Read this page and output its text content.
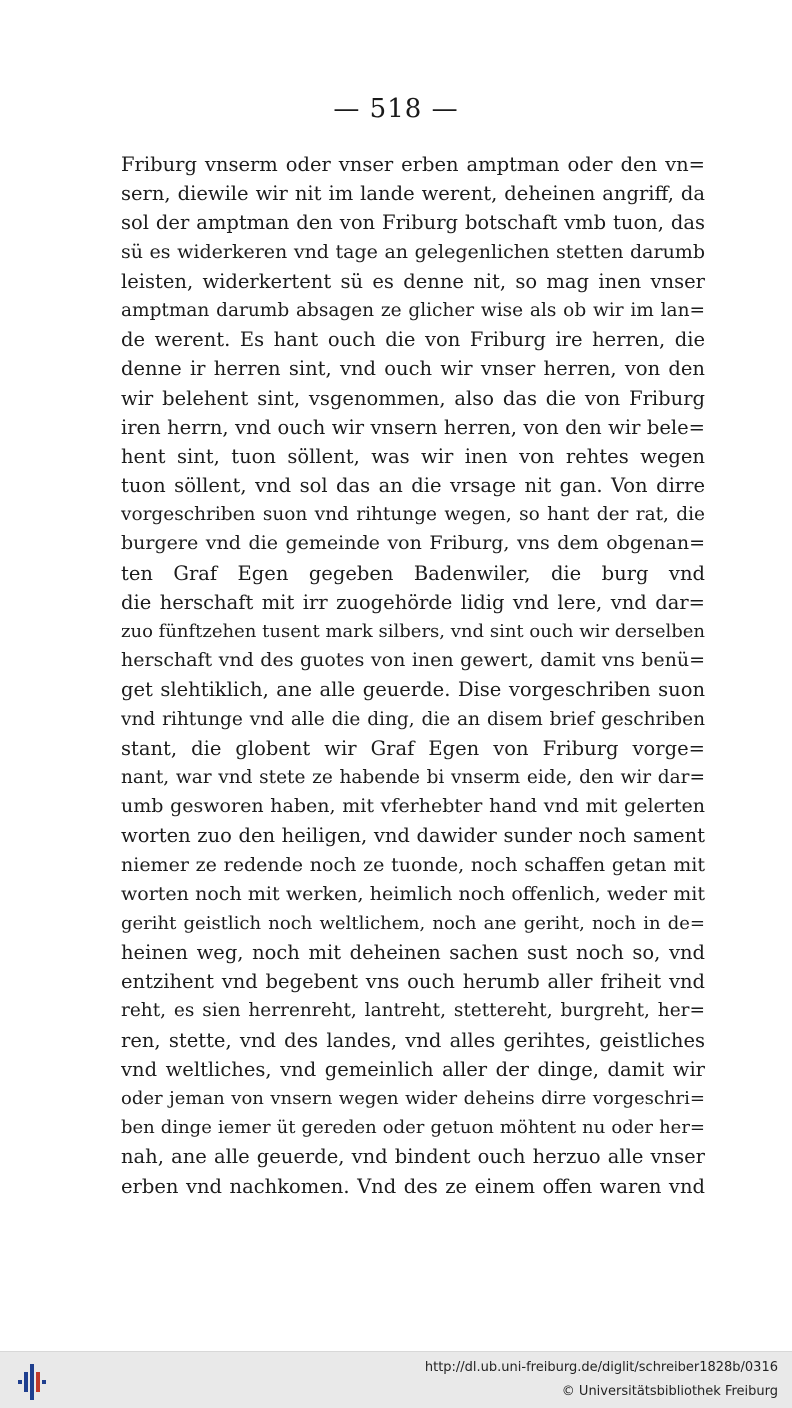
— 518 —
Friburg vnserm oder vnser erben amptman oder den vn=
sern, diewile wir nit im lande werent, deheinen angriff, da
sol der amptman den von Friburg botschaft vmb tuon, das
sü es widerkeren vnd tage an gelegenlichen stetten darumb
leisten, widerkertent sü es denne nit, so mag inen vnser
amptman darumb absagen ze glicher wise als ob wir im lan=
de werent. Es hant ouch die von Friburg ire herren, die
denne ir herren sint, vnd ouch wir vnser herren, von den
wir belehent sint, vsgenommen, also das die von Friburg
iren herrn, vnd ouch wir vnsern herren, von den wir bele=
hent sint, tuon söllent, was wir inen von rehtes wegen
tuon söllent, vnd sol das an die vrsage nit gan. Von dirre
vorgeschriben suon vnd rihtunge wegen, so hant der rat, die
burgere vnd die gemeinde von Friburg, vns dem obgenan=
ten Graf Egen gegeben Badenwiler, die burg vnd
die herschaft mit irr zuogehörde lidig vnd lere, vnd dar=
zuo fünftzehen tusent mark silbers, vnd sint ouch wir derselben
herschaft vnd des guotes von inen gewert, damit vns benü=
get slehtiklich, ane alle geuerde. Dise vorgeschriben suon
vnd rihtunge vnd alle die ding, die an disem brief geschriben
stant, die globent wir Graf Egen von Friburg vorge=
nant, war vnd stete ze habende bi vnserm eide, den wir dar=
umb gesworen haben, mit vferhebter hand vnd mit gelerten
worten zuo den heiligen, vnd dawider sunder noch sament
niemer ze redende noch ze tuonde, noch schaffen getan mit
worten noch mit werken, heimlich noch offenlich, weder mit
geriht geistlich noch weltlichem, noch ane geriht, noch in de=
heinen weg, noch mit deheinen sachen sust noch so, vnd
entzihent vnd begebent vns ouch herumb aller friheit vnd
reht, es sien herrenreht, lantreht, stettereht, burgreht, her=
ren, stette, vnd des landes, vnd alles gerihtes, geistliches
vnd weltliches, vnd gemeinlich aller der dinge, damit wir
oder jeman von vnsern wegen wider deheins dirre vorgeschri=
ben dinge iemer üt gereden oder getuon möhtent nu oder her=
nah, ane alle geuerde, vnd bindent ouch herzuo alle vnser
erben vnd nachkomen. Vnd des ze einem offen waren vnd
http://dl.ub.uni-freiburg.de/diglit/schreiber1828b/0316
© Universitätsbibliothek Freiburg
